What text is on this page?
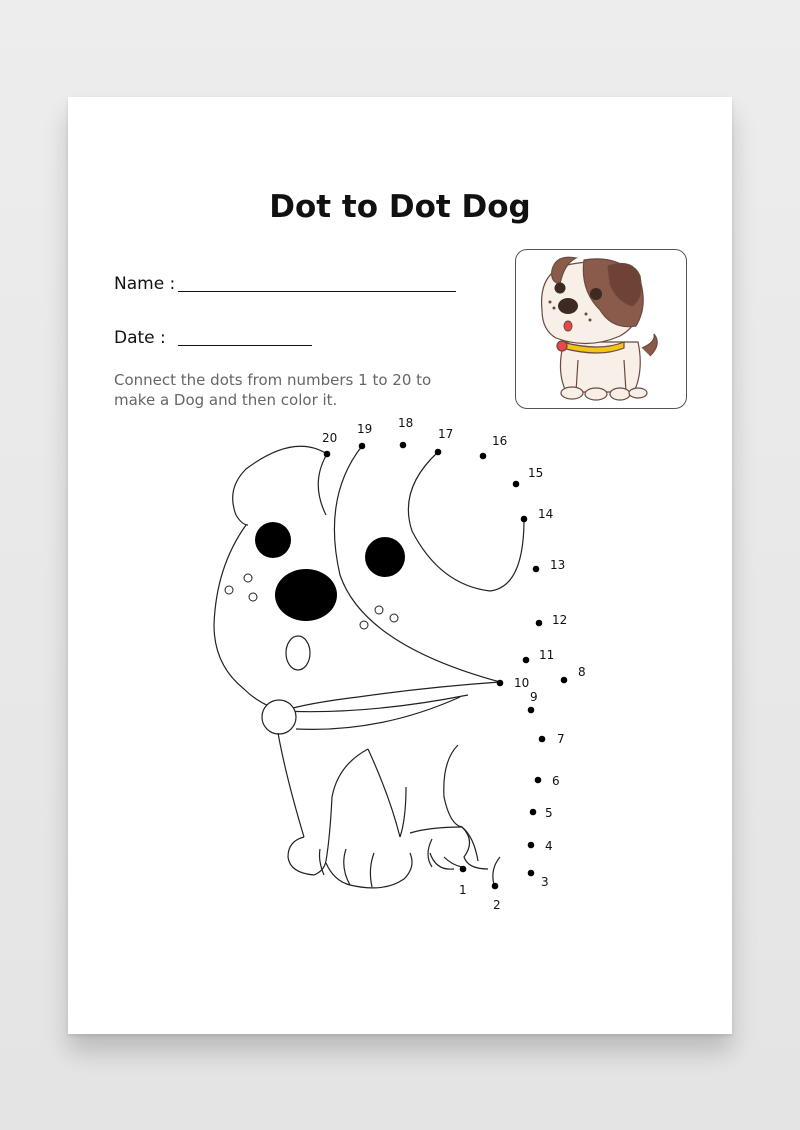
Dot to Dot Dog
Name :
Date :
Connect the dots from numbers 1 to 20 to make a Dog and then color it.
1
2
3
4
5
6
7
8
9
10
11
12
13
14
15
16
17
18
19
20
